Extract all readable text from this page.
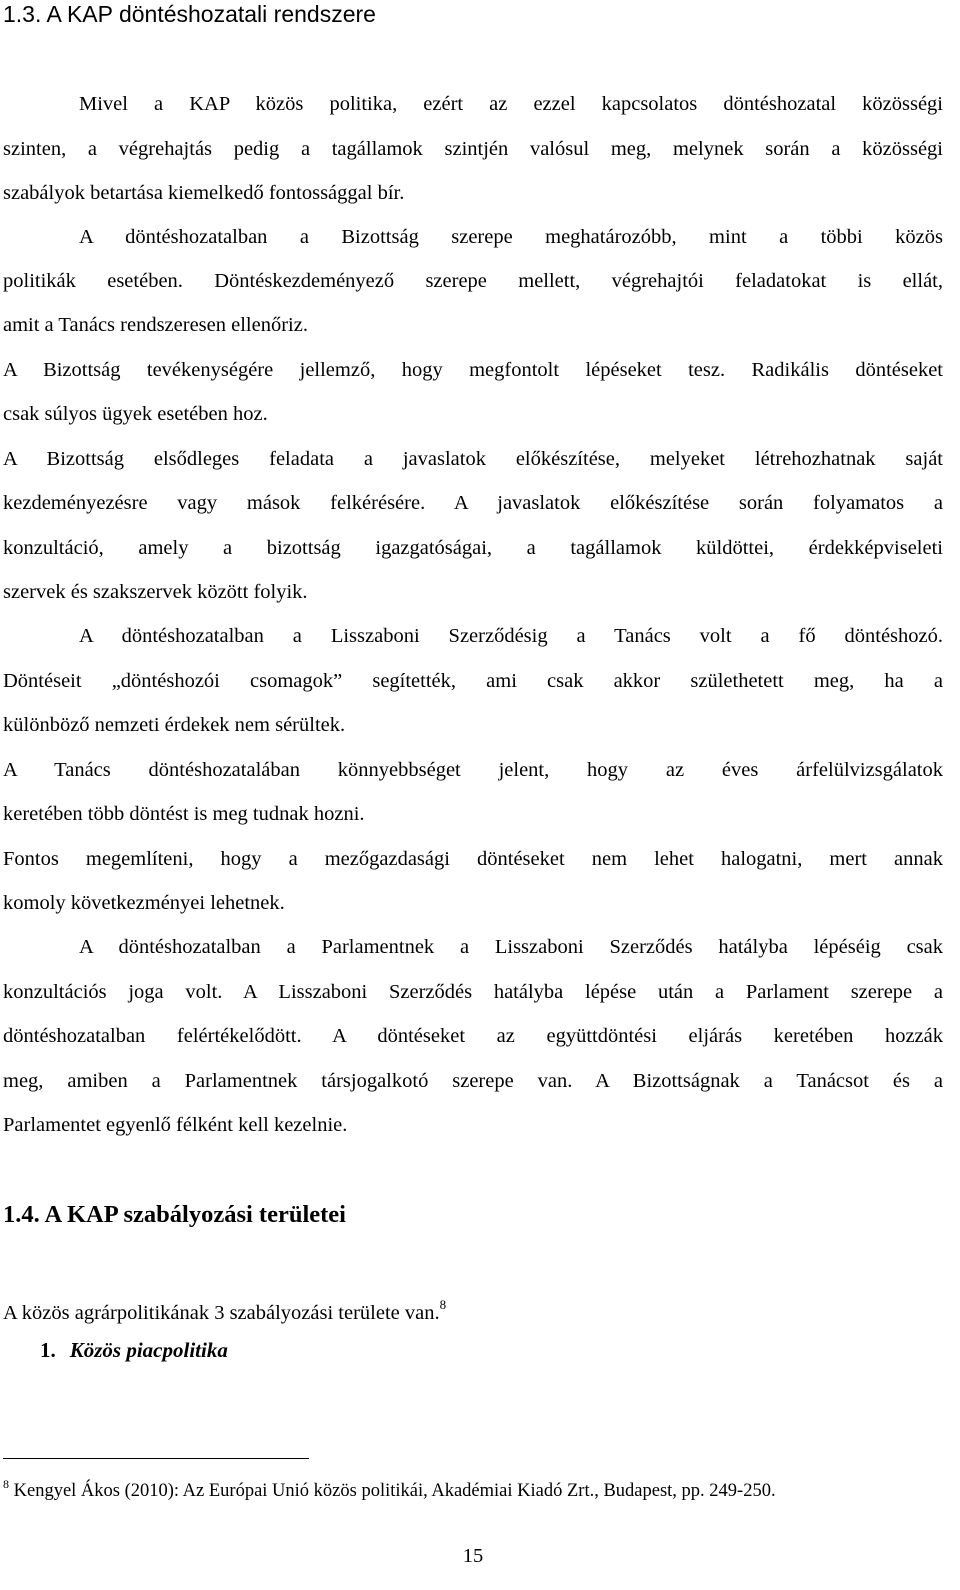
1.3. A KAP döntéshozatali rendszere
Mivel a KAP közös politika, ezért az ezzel kapcsolatos döntéshozatal közösségi
szinten, a végrehajtás pedig a tagállamok szintjén valósul meg, melynek során a közösségi
szabályok betartása kiemelkedő fontossággal bír.
A döntéshozatalban a Bizottság szerepe meghatározóbb, mint a többi közös
politikák esetében. Döntéskezdeményező szerepe mellett, végrehajtói feladatokat is ellát,
amit a Tanács rendszeresen ellenőriz.
A Bizottság tevékenységére jellemző, hogy megfontolt lépéseket tesz. Radikális döntéseket
csak súlyos ügyek esetében hoz.
A Bizottság elsődleges feladata a javaslatok előkészítése, melyeket létrehozhatnak saját
kezdeményezésre vagy mások felkérésére. A javaslatok előkészítése során folyamatos a
konzultáció, amely a bizottság igazgatóságai, a tagállamok küldöttei, érdekképviseleti
szervek és szakszervek között folyik.
A döntéshozatalban a Lisszaboni Szerződésig a Tanács volt a fő döntéshozó.
Döntéseit „döntéshozói csomagok” segítették, ami csak akkor születhetett meg, ha a
különböző nemzeti érdekek nem sérültek.
A Tanács döntéshozatalában könnyebbséget jelent, hogy az éves árfelülvizsgálatok
keretében több döntést is meg tudnak hozni.
Fontos megemlíteni, hogy a mezőgazdasági döntéseket nem lehet halogatni, mert annak
komoly következményei lehetnek.
A döntéshozatalban a Parlamentnek a Lisszaboni Szerződés hatályba lépéséig csak
konzultációs joga volt. A Lisszaboni Szerződés hatályba lépése után a Parlament szerepe a
döntéshozatalban felértékelődött. A döntéseket az együttdöntési eljárás keretében hozzák
meg, amiben a Parlamentnek társjogalkotó szerepe van. A Bizottságnak a Tanácsot és a
Parlamentet egyenlő félként kell kezelnie.
1.4. A KAP szabályozási területei
A közös agrárpolitikának 3 szabályozási területe van.$^8$
1. Közös piacpolitika
$^8$ Kengyel Ákos (2010): Az Európai Unió közös politikái, Akadémiai Kiadó Zrt., Budapest, pp. 249-250.
15
